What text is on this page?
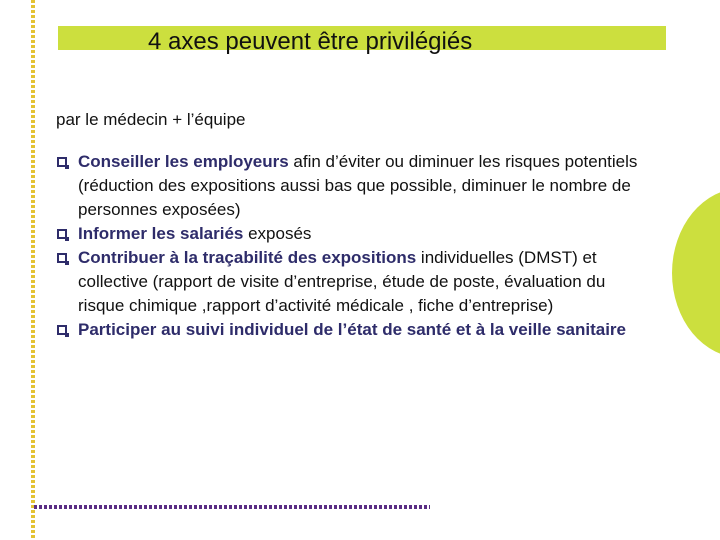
4 axes peuvent être privilégiés

par le médecin + l’équipe

Conseiller les employeurs afin d’éviter ou diminuer les risques potentiels (réduction des expositions aussi bas que possible, diminuer le nombre de personnes exposées)
Informer les salariés exposés
Contribuer à la traçabilité des expositions individuelles (DMST) et collective (rapport de visite d’entreprise, étude de poste, évaluation du risque chimique ,rapport d’activité médicale , fiche d’entreprise)
Participer au suivi individuel de l’état de santé et à la veille sanitaire
